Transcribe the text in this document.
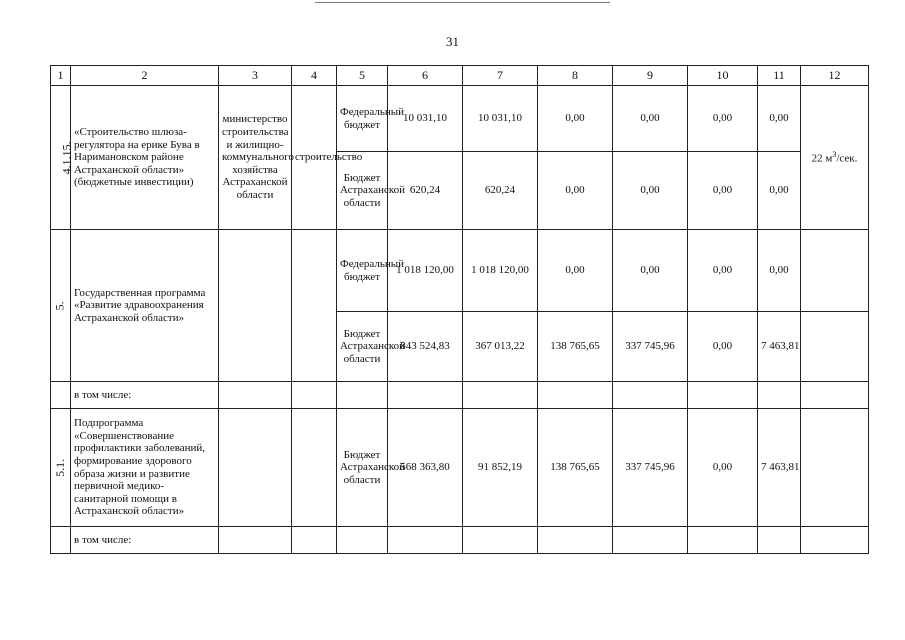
31
1	2	3	4	5	6	7	8	9	10	11	12
4.1.15.	«Строительство шлюза-регулятора на ерике Бува в Наримановском районе Астраханской области» (бюджетные инвестиции)	министерство строительства и жилищно-коммунального хозяйства Астраханской области	строительство	Федеральный бюджет	10 031,10	10 031,10	0,00	0,00	0,00	0,00	22 $м^3$/сек.
				Бюджет Астраханской области	620,24	620,24	0,00	0,00	0,00	0,00	
5.	Государственная программа «Развитие здравоохранения Астраханской области»			Федеральный бюджет	1 018 120,00	1 018 120,00	0,00	0,00	0,00	0,00	
				Бюджет Астраханской области	843 524,83	367 013,22	138 765,65	337 745,96	0,00	7 463,81	
	в том числе:										
5.1.	Подпрограмма «Совершенствование профилактики заболеваний, формирование здорового образа жизни и развитие первичной медико-санитарной помощи в Астраханской области»			Бюджет Астраханской области	568 363,80	91 852,19	138 765,65	337 745,96	0,00	7 463,81	
	в том числе:										
